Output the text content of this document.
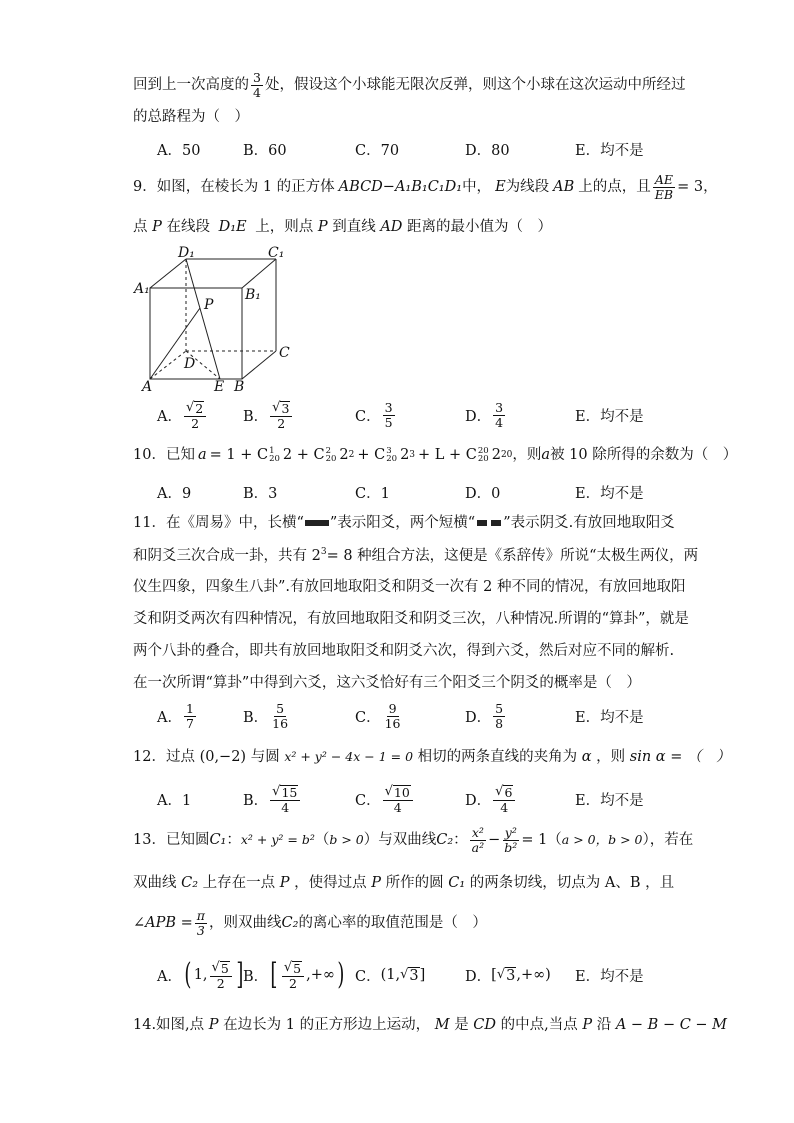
回到上一次高度的 $\frac{3}{4}$ 处，假设这个小球能无限次反弹，则这个小球在这次运动中所经过
的总路程为（　）
A．50	B．60	C．70	D．80	E．均不是
9．如图，在棱长为 1 的正方体 ABCD − A₁B₁C₁D₁ 中， E 为线段 AB 上的点，且 $\frac{AE}{EB} = 3$，
点 P 在线段 D₁E 上，则点 P 到直线 AD 距离的最小值为（　）
D₁	C₁
A₁	B₁
P
C
D
A	E B
A． $\frac{√ 2}{2}$	B． $\frac{√ 3}{2}$	C． $\frac{3}{5}$	D． $\frac{3}{4}$	E．均不是
10．已知 a = 1 + C 1
20 2 + C 2
20 2 2 + C 3
20 2 3 + L + C 20
20 2 20 ，则 a 被 10 除所得的余数为（　）
A．9	B．3	C．1	D．0	E．均不是
11．在《周易》中，长横“ ”表示阳爻，两个短横“ ”表示阴爻.有放回地取阳爻
和阴爻三次合成一卦，共有 $2^3= 8$ 种组合方法，这便是《系辞传》所说“太极生两仪，两
仪生四象，四象生八卦”.有放回地取阳爻和阴爻一次有 2 种不同的情况，有放回地取阳
爻和阴爻两次有四种情况，有放回地取阳爻和阴爻三次，八种情况.所谓的“算卦”，就是
两个八卦的叠合，即共有放回地取阳爻和阴爻六次，得到六爻，然后对应不同的解析.
在一次所谓“算卦”中得到六爻，这六爻恰好有三个阳爻三个阴爻的概率是（　）
A． $\frac{1}{7}$	B． $\frac{5}{16}$	C． $\frac{9}{16}$	D． $\frac{5}{8}$	E．均不是
12．过点 (0,−2) 与圆 x² + y² − 4x − 1 = 0 相切的两条直线的夹角为 α ，则 sin α = （　）
A．1	B． $\frac{√ 15}{4}$	C． $\frac{√ 10}{4}$	D． $\frac{√ 6}{4}$	E．均不是
13．已知圆 C₁ ： x² + y² = b² （ b > 0 ）与双曲线 C₂ ： $\frac{\text{x²}}{\text{a²}} - \frac{\text{y²}}{\text{b²}} = 1$（ a > 0，b > 0 ），若在
双曲线 C₂ 上存在一点 P ，使得过点 P 所作的圆 C₁ 的两条切线，切点为 A、B ，且
∠APB = $\frac{\pi}{3}$ ，则双曲线 C₂ 的离心率的取值范围是（　）
A． ( 1, $\frac{√ 5}{2}$ ] B． [ $\frac{√ 5}{2}$ ,+∞ ) C． (1, √ 3 ]	D． [ √ 3 ,+∞) E．均不是
14.如图,点 P 在边长为 1 的正方形边上运动， M 是 CD 的中点,当点 P 沿 A − B − C − M
